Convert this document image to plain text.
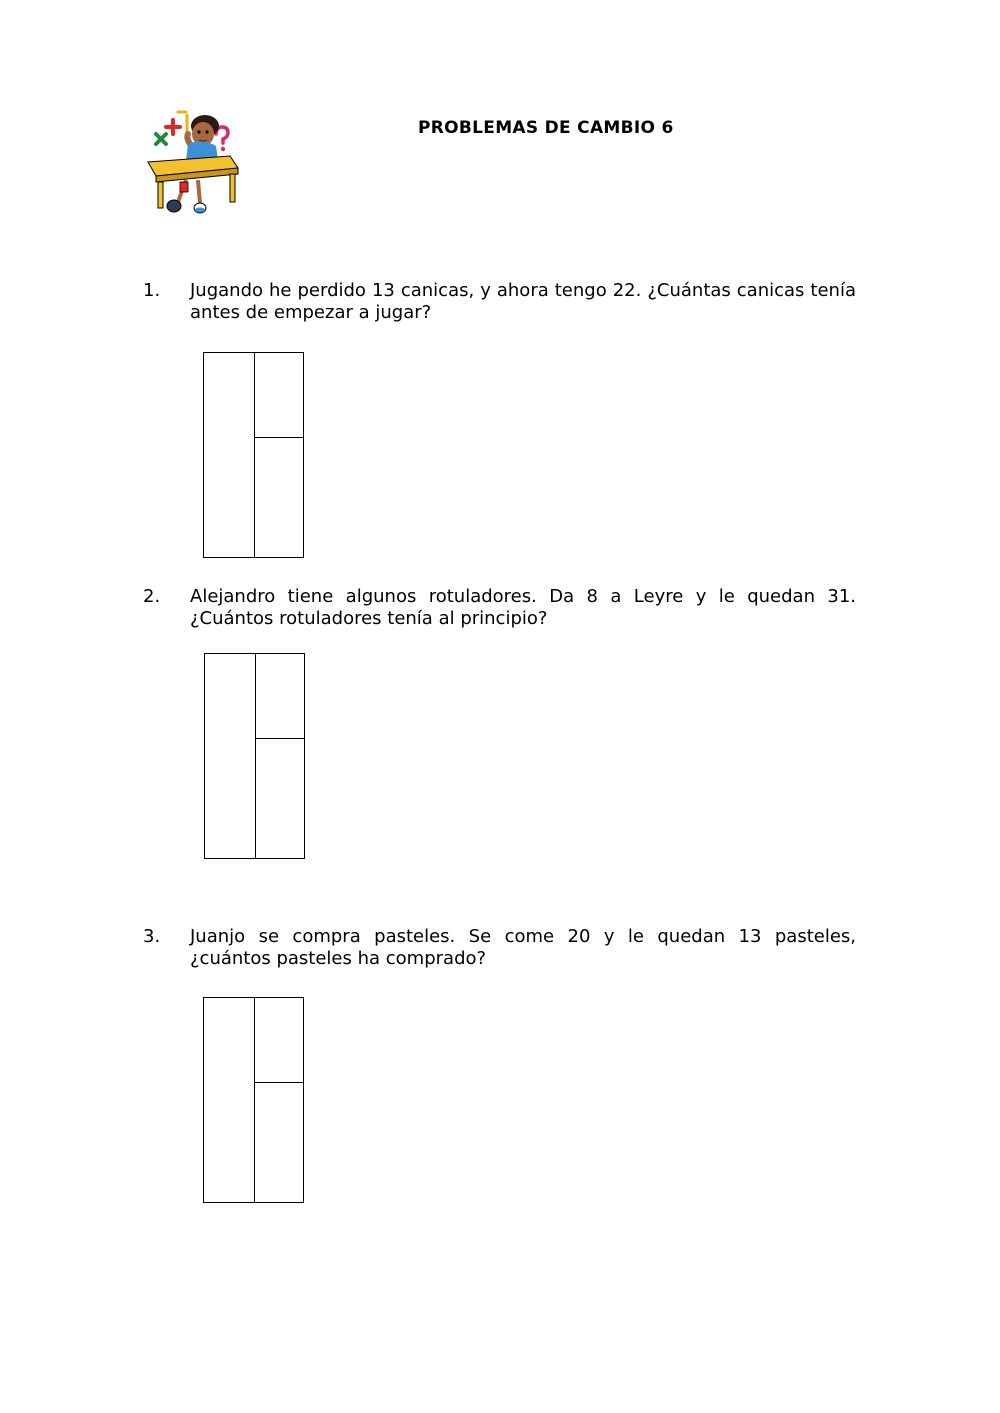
PROBLEMAS DE CAMBIO 6
1. Jugando he perdido 13 canicas, y ahora tengo 22. ¿Cuántas canicas tenía antes de empezar a jugar?
2. Alejandro tiene algunos rotuladores. Da 8 a Leyre y le quedan 31. ¿Cuántos rotuladores tenía al principio?
3. Juanjo se compra pasteles. Se come 20 y le quedan 13 pasteles, ¿cuántos pasteles ha comprado?
